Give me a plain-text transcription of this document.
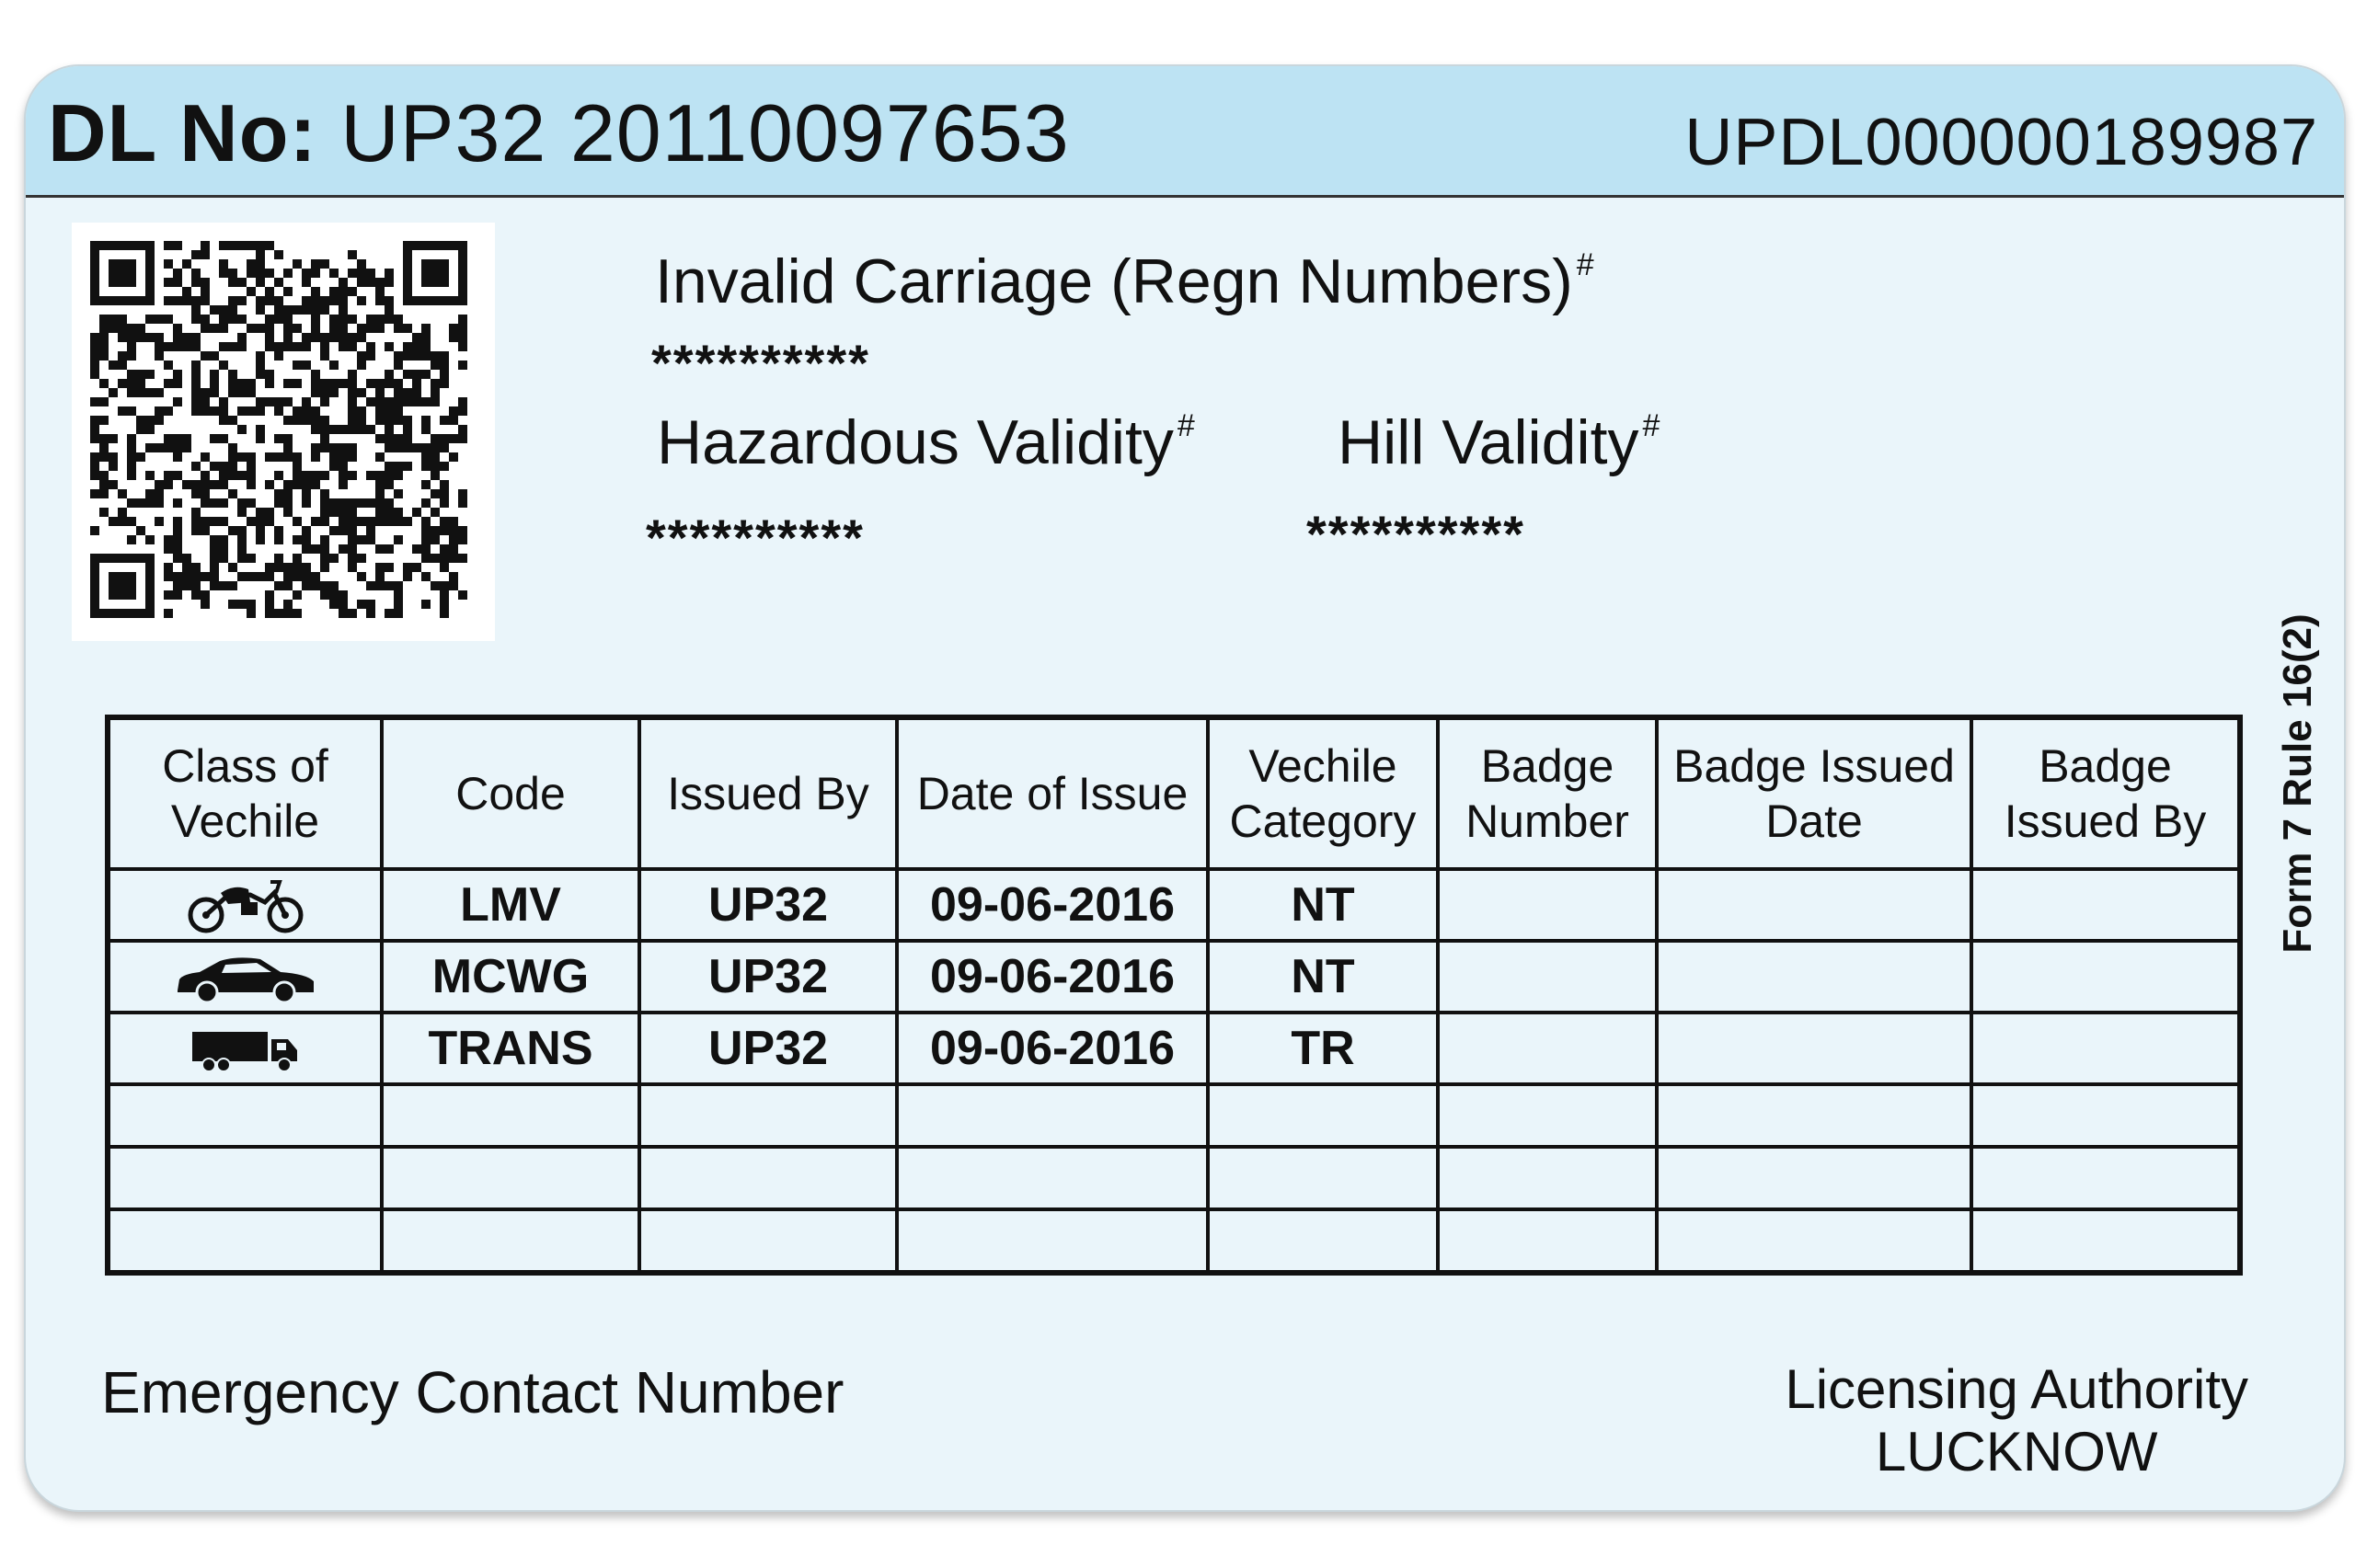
DL No: UP32 20110097653	UPDL000000189987
Invalid Carriage (Regn Numbers) #
**********
Hazardous Validity #
**********
Hill Validity #
**********
Class of Vechile	Code	Issued By	Date of Issue	Vechile Category	Badge Number	Badge Issued Date	Badge Issued By
	LMV	UP32	09-06-2016	NT			
	MCWG	UP32	09-06-2016	NT			
	TRANS	UP32	09-06-2016	TR			

Form 7 Rule 16(2)
Emergency Contact Number	Licensing Authority
LUCKNOW
